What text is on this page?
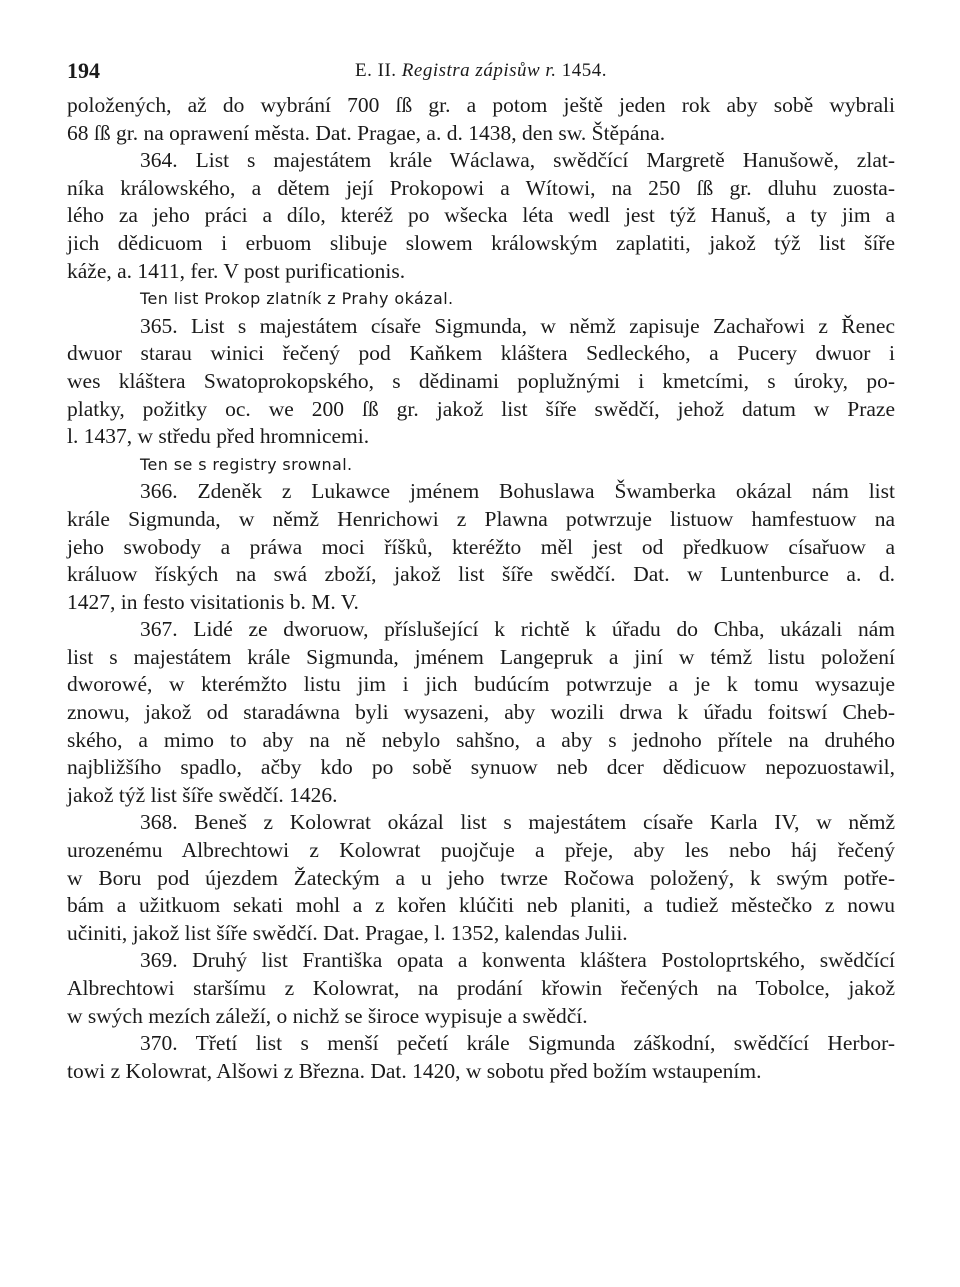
194	E. II. Registra zápisůw r. 1454.
položených, až do wybrání 700 ſß gr. a potom ještě jeden rok aby sobě wybrali
68 ſß gr. na oprawení města. Dat. Pragae, a. d. 1438, den sw. Štěpána.
364. List s majestátem krále Wáclawa, swědčící Margretě Hanušowě, zlat-
níka králowského, a dětem její Prokopowi a Wítowi, na 250 ſß gr. dluhu zuosta-
lého za jeho práci a dílo, kteréž po wšecka léta wedl jest týž Hanuš, a ty jim a
jich dědicuom i erbuom slibuje slowem králowským zaplatiti, jakož týž list šíře
káže, a. 1411, fer. V post purificationis.
Ten list Prokop zlatník z Prahy okázal.
365. List s majestátem císaře Sigmunda, w němž zapisuje Zachařowi z Řenec
dwuor starau winici řečený pod Kaňkem kláštera Sedleckého, a Pucery dwuor i
wes kláštera Swatoprokopského, s dědinami poplužnými i kmetcími, s úroky, po-
platky, požitky oc. we 200 ſß gr. jakož list šíře swědčí, jehož datum w Praze
l. 1437, w středu před hromnicemi.
Ten se s registry srownal.
366. Zdeněk z Lukawce jménem Bohuslawa Šwamberka okázal nám list
krále Sigmunda, w němž Henrichowi z Plawna potwrzuje listuow hamfestuow na
jeho swobody a práwa moci říšků, kteréžto měl jest od předkuow císařuow a
králuow říských na swá zboží, jakož list šíře swědčí. Dat. w Luntenburce a. d.
1427, in festo visitationis b. M. V.
367. Lidé ze dworuow, příslušející k richtě k úřadu do Chba, ukázali nám
list s majestátem krále Sigmunda, jménem Langepruk a jiní w témž listu položení
dworowé, w kterémžto listu jim i jich budúcím potwrzuje a je k tomu wysazuje
znowu, jakož od staradáwna byli wysazeni, aby wozili drwa k úřadu foitswí Cheb-
ského, a mimo to aby na ně nebylo sahšno, a aby s jednoho přítele na druhého
najbližšího spadlo, ačby kdo po sobě synuow neb dcer dědicuow nepozuostawil,
jakož týž list šíře swědčí. 1426.
368. Beneš z Kolowrat okázal list s majestátem císaře Karla IV, w němž
urozenému Albrechtowi z Kolowrat puojčuje a přeje, aby les nebo háj řečený
w Boru pod újezdem Žateckým a u jeho twrze Ročowa položený, k swým potře-
bám a užitkuom sekati mohl a z kořen klúčiti neb planiti, a tudiež městečko z nowu
učiniti, jakož list šíře swědčí. Dat. Pragae, l. 1352, kalendas Julii.
369. Druhý list Františka opata a konwenta kláštera Postoloprtského, swědčící
Albrechtowi staršímu z Kolowrat, na prodání křowin řečených na Tobolce, jakož
w swých mezích záleží, o nichž se široce wypisuje a swědčí.
370. Třetí list s menší pečetí krále Sigmunda záškodní, swědčící Herbor-
towi z Kolowrat, Alšowi z Března. Dat. 1420, w sobotu před božím wstaupením.
